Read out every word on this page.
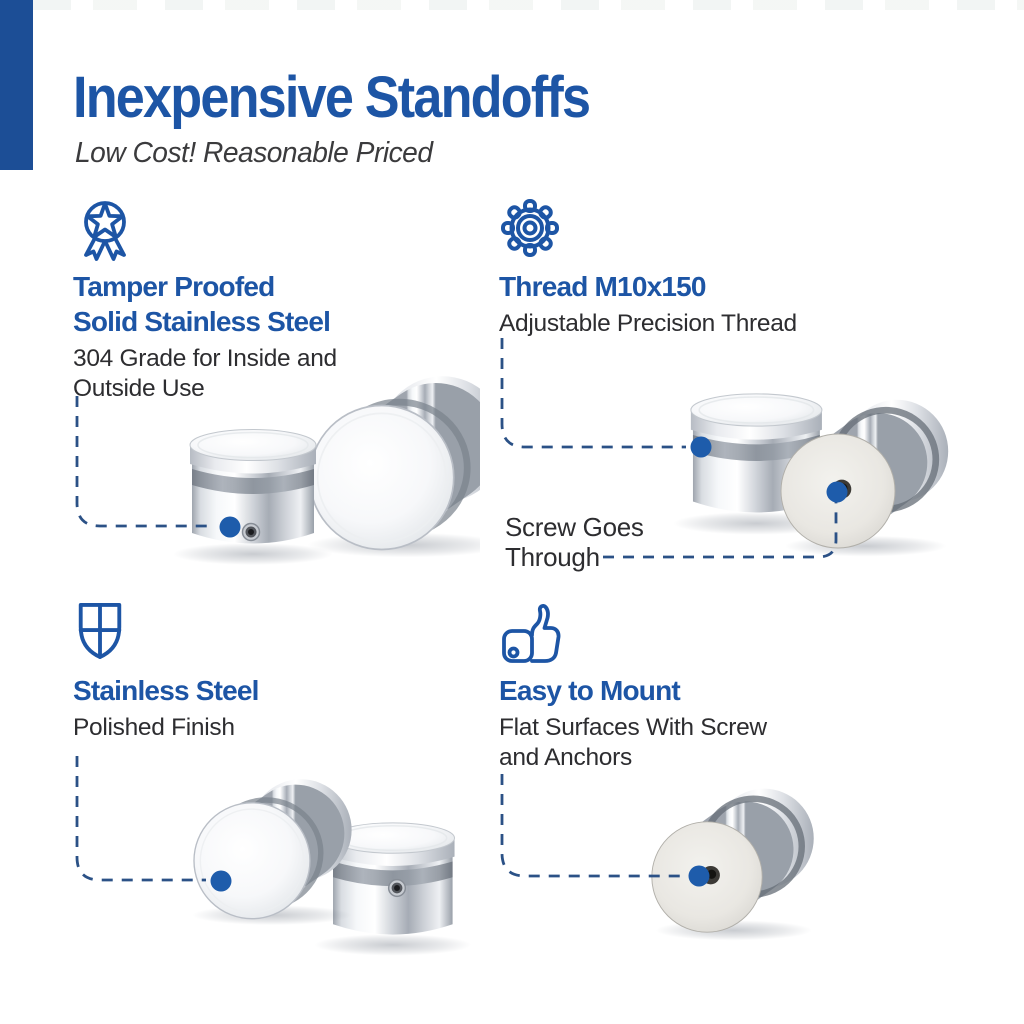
Inexpensive Standoffs

Low Cost! Reasonable Priced

Tamper Proofed
Solid Stainless Steel
304 Grade for Inside and
Outside Use
Thread M10x150
Adjustable Precision Thread
Stainless Steel
Polished Finish
Easy to Mount
Flat Surfaces With Screw
and Anchors
Screw Goes
Through
